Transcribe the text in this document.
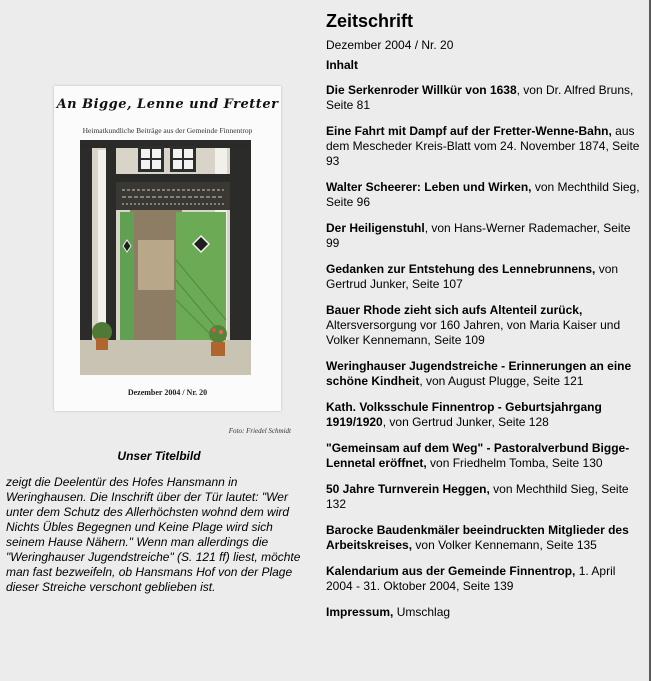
An Bigge, Lenne und Fretter
Heimatkundliche Beiträge aus der Gemeinde Finnentrop
Dezember 2004 / Nr. 20
Foto: Friedel Schmidt
Unser Titelbild
zeigt die Deelentür des Hofes Hansmann in Weringhausen. Die Inschrift über der Tür lautet: "Wer unter dem Schutz des Allerhöchsten wohnd dem wird Nichts Übles Begegnen und Keine Plage wird sich seinem Hause Nähern." Wenn man allerdings die "Weringhauser Jugendstreiche" (S. 121 ff) liest, möchte man fast bezweifeln, ob Hansmans Hof von der Plage dieser Streiche verschont geblieben ist.
Zeitschrift
Dezember 2004 / Nr. 20
Inhalt

Die Serkenroder Willkür von 1638, von Dr. Alfred Bruns, Seite 81

Eine Fahrt mit Dampf auf der Fretter-Wenne-Bahn, aus dem Mescheder Kreis-Blatt vom 24. November 1874, Seite 93

Walter Scheerer: Leben und Wirken, von Mechthild Sieg, Seite 96

Der Heiligenstuhl, von Hans-Werner Rademacher, Seite 99

Gedanken zur Entstehung des Lennebrunnens, von Gertrud Junker, Seite 107

Bauer Rhode zieht sich aufs Altenteil zurück, Altersversorgung vor 160 Jahren, von Maria Kaiser und Volker Kennemann, Seite 109

Weringhauser Jugendstreiche - Erinnerungen an eine schöne Kindheit, von August Plugge, Seite 121

Kath. Volksschule Finnentrop - Geburtsjahrgang 1919/1920, von Gertrud Junker, Seite 128

"Gemeinsam auf dem Weg" - Pastoralverbund Bigge-Lennetal eröffnet, von Friedhelm Tomba, Seite 130

50 Jahre Turnverein Heggen, von Mechthild Sieg, Seite 132

Barocke Baudenkmäler beeindruckten Mitglieder des Arbeitskreises, von Volker Kennemann, Seite 135

Kalendarium aus der Gemeinde Finnentrop, 1. April 2004 - 31. Oktober 2004, Seite 139

Impressum, Umschlag
